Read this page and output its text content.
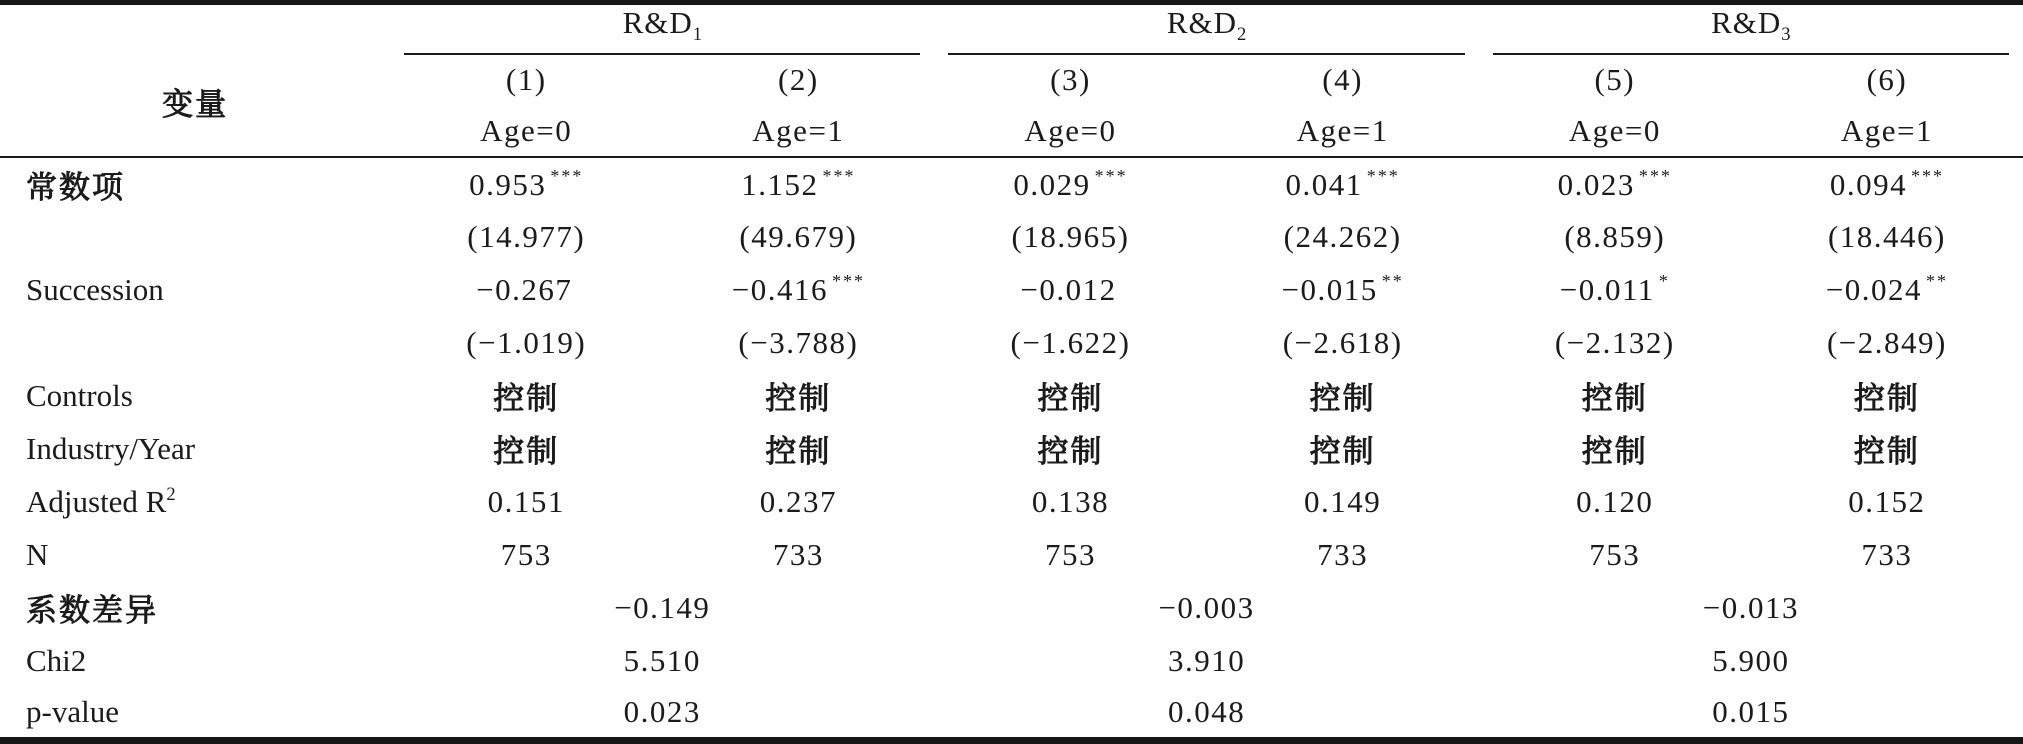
变量	$R\&D_1$		$R\&D_2$		$R\&D_3$

	(1)	(2)	(3)	(4)	(5)	(6)
	Age=0	Age=1	Age=0	Age=1	Age=0	Age=1
常数项	0.953 ***	1.152 ***	0.029 ***	0.041 ***	0.023 ***	0.094 ***
	(14.977)	(49.679)	(18.965)	(24.262)	(8.859)	(18.446)
Succession	−0.267	−0.416 ***	−0.012	−0.015 **	−0.011 *	−0.024 **
	(−1.019)	(−3.788)	(−1.622)	(−2.618)	(−2.132)	(−2.849)
Controls	控制	控制	控制	控制	控制	控制
Industry/Year	控制	控制	控制	控制	控制	控制
Adjusted $R^2$	0.151	0.237	0.138	0.149	0.120	0.152
N	753	733	753	733	753	733
系数差异	−0.149		−0.003		−0.013	
Chi2	5.510		3.910		5.900	
p-value	0.023		0.048		0.015	
